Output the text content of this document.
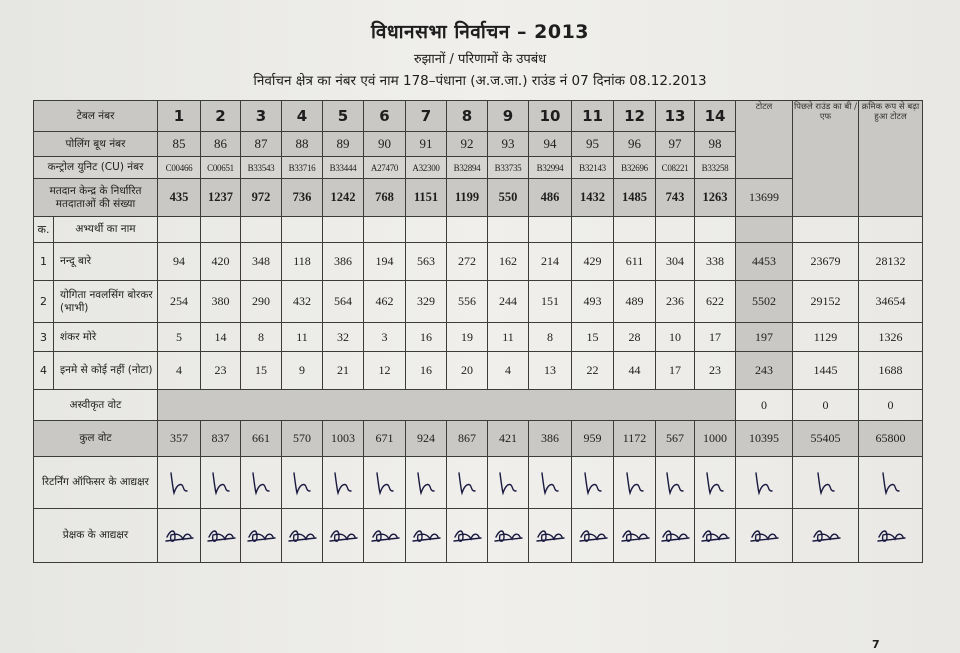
विधानसभा निर्वाचन – 2013
रुझानों / परिणामों के उपबंध
निर्वाचन क्षेत्र का नंबर एवं नाम 178–पंधाना (अ.ज.जा.) राउंड नं 07 दिनांक 08.12.2013
टेबल नंबर		1	2	3	4	5	6	7	8	9	10	11	12	13	14	टोटल	पिछले राउंड का बी / एफ	क्रमिक रूप से बढ़ा हुआ टोटल
पोलिंग बूथ नंबर		85	86	87	88	89	90	91	92	93	94	95	96	97	98			
कन्ट्रोल युनिट (CU) नंबर		C00466	C00651	B33543	B33716	B33444	A27470	A32300	B32894	B33735	B32994	B32143	B32696	C08221	B33258			
मतदान केन्द्र के निर्धारित मतदाताओं की संख्या		435	1237	972	736	1242	768	1151	1199	550	486	1432	1485	743	1263	13699		
क.	अभ्यर्थी का नाम																	
1	नन्दू बारे	94	420	348	118	386	194	563	272	162	214	429	611	304	338	4453	23679	28132
2	योगिता नवलसिंग बोरकर (भाभी)	254	380	290	432	564	462	329	556	244	151	493	489	236	622	5502	29152	34654
3	शंकर मोरे	5	14	8	11	32	3	16	19	11	8	15	28	10	17	197	1129	1326
4	इनमे से कोई नहीं (नोटा)	4	23	15	9	21	12	16	20	4	13	22	44	17	23	243	1445	1688
अस्वीकृत वोट																0	0	0
कुल वोट		357	837	661	570	1003	671	924	867	421	386	959	1172	567	1000	10395	55405	65800
रिटर्निंग ऑफिसर के आद्यक्षर	

प्रेक्षक के आद्यक्षर	

7
